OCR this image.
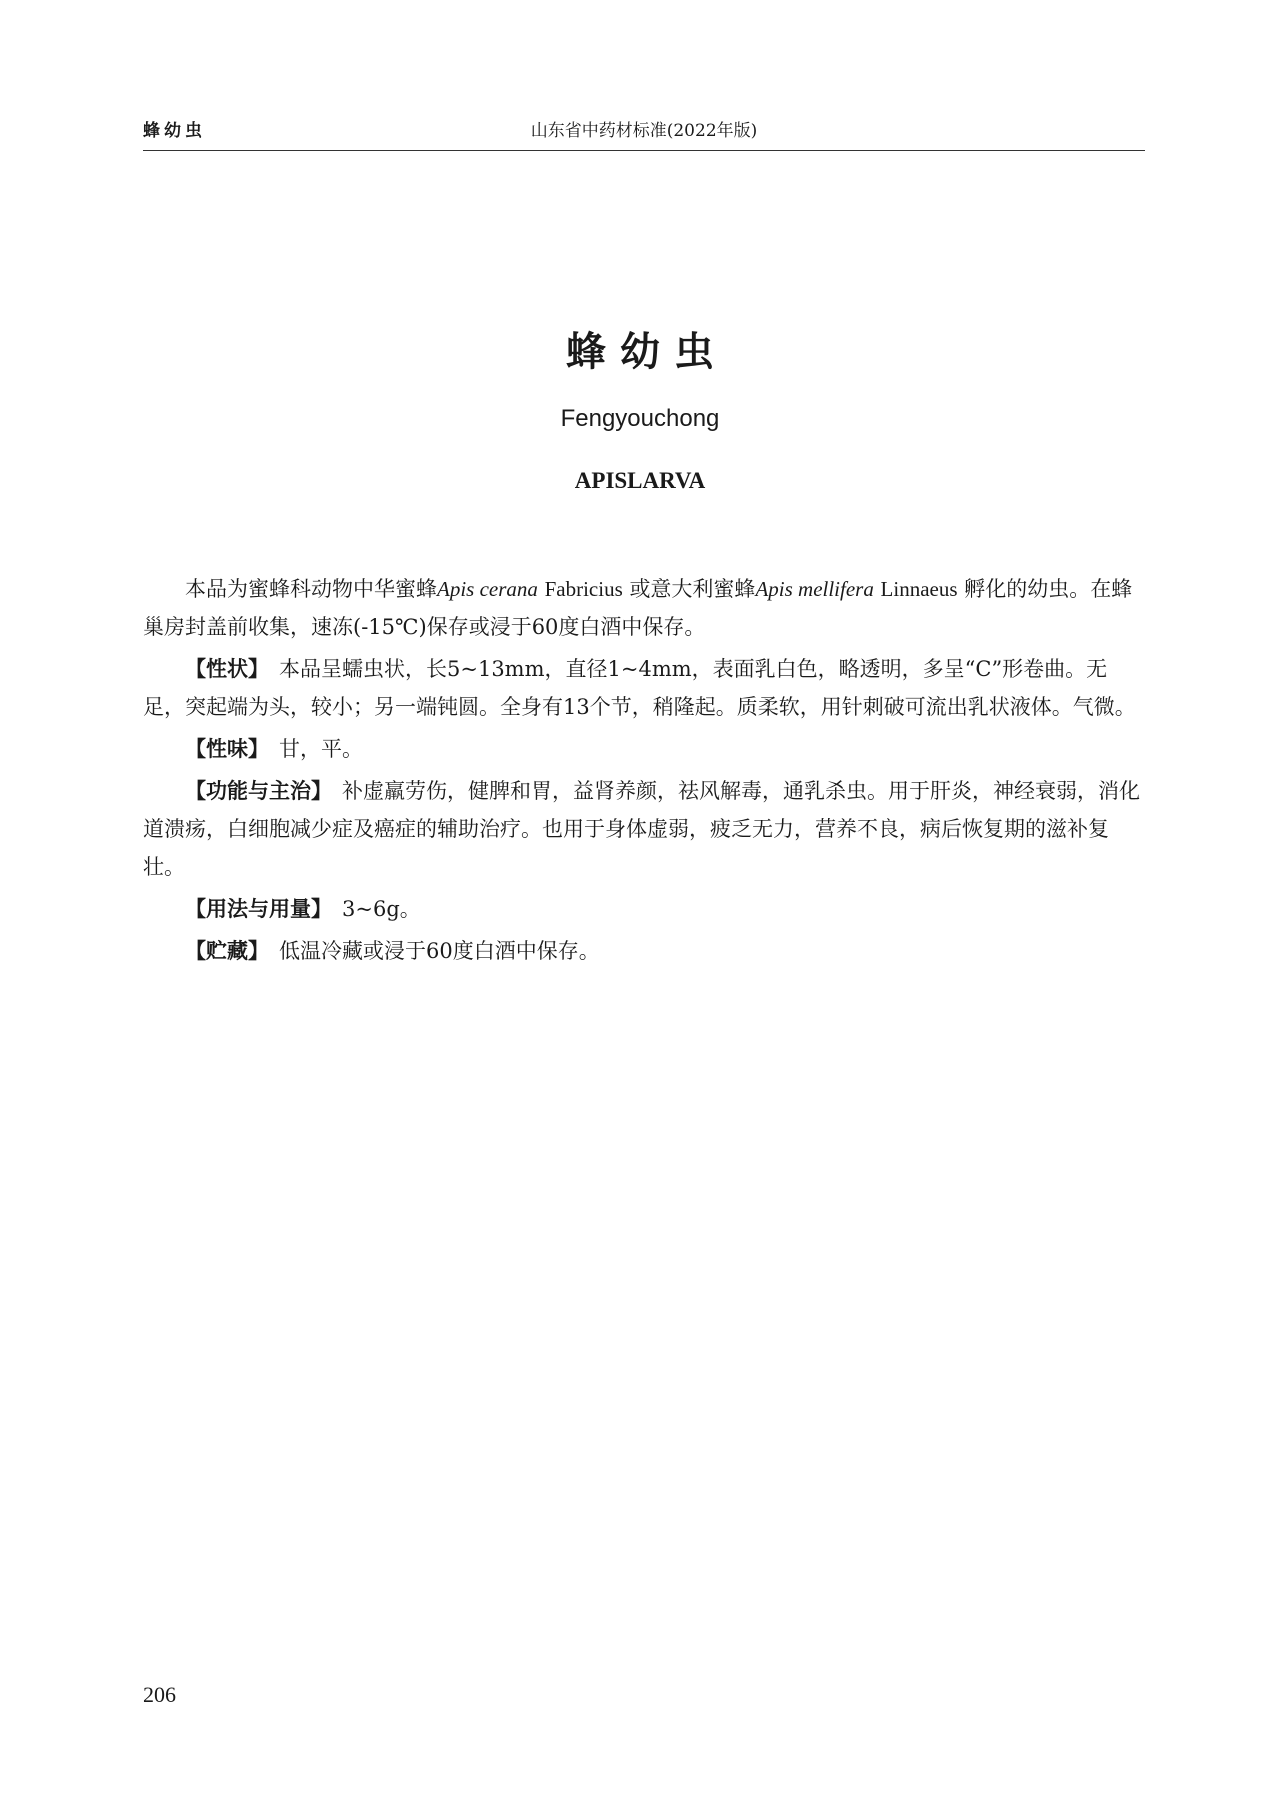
蜂幼虫	山东省中药材标准(2022年版)
蜂幼虫
Fengyouchong
APISLARVA

本品为蜜蜂科动物中华蜜蜂Apis cerana Fabricius 或意大利蜜蜂Apis mellifera Linnaeus 孵化的幼虫。在蜂巢房封盖前收集，速冻(-15℃)保存或浸于60度白酒中保存。

【性状】 本品呈蠕虫状，长5~13mm，直径1~4mm，表面乳白色，略透明，多呈“C”形卷曲。无足，突起端为头，较小；另一端钝圆。全身有13个节，稍隆起。质柔软，用针刺破可流出乳状液体。气微。

【性味】 甘，平。

【功能与主治】 补虚羸劳伤，健脾和胃，益肾养颜，祛风解毒，通乳杀虫。用于肝炎，神经衰弱，消化道溃疡，白细胞减少症及癌症的辅助治疗。也用于身体虚弱，疲乏无力，营养不良，病后恢复期的滋补复壮。

【用法与用量】 3~6g。

【贮藏】 低温冷藏或浸于60度白酒中保存。

206
